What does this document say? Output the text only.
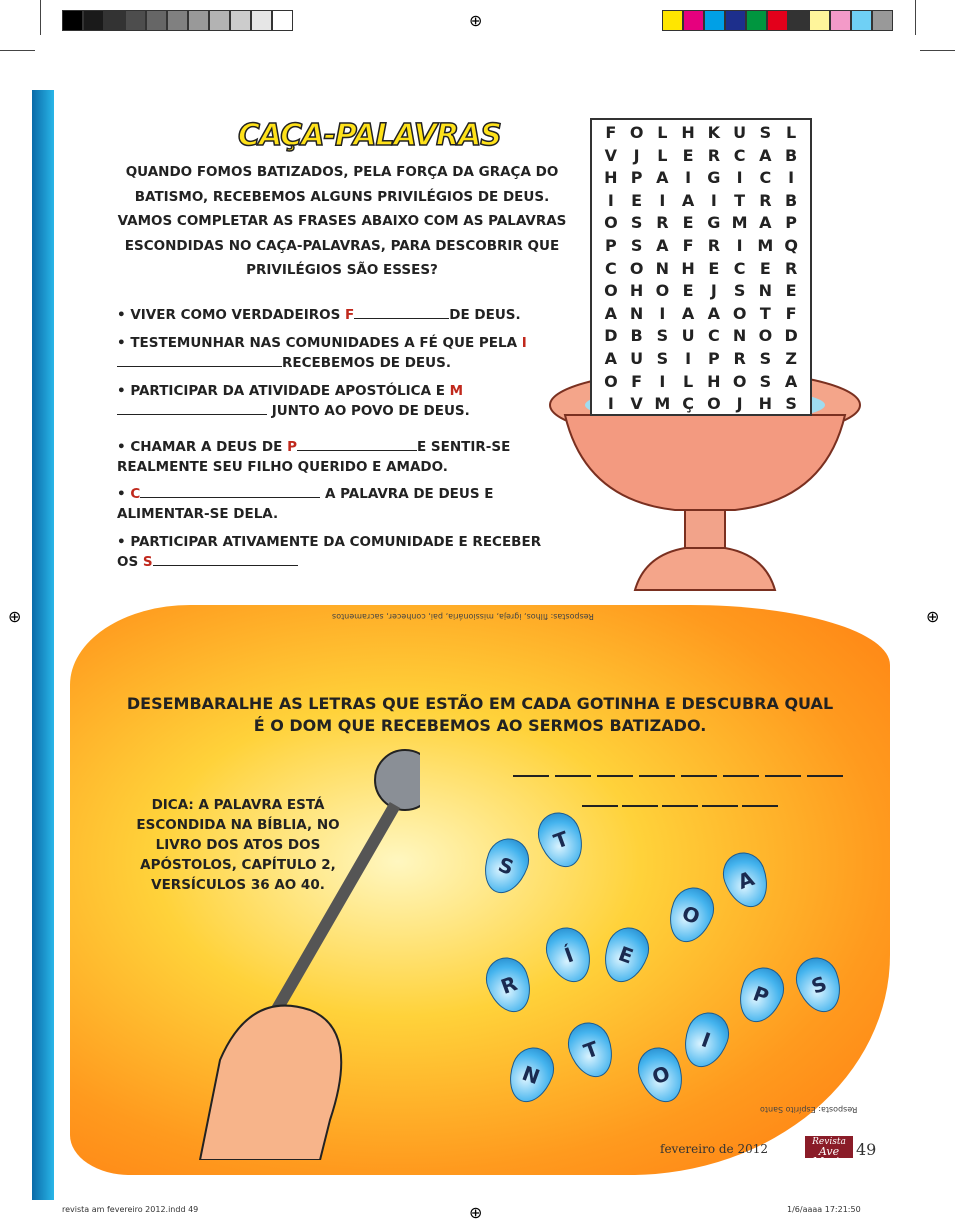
⊕
⊕	⊕
⊕
CAÇA-PALAVRAS
QUANDO FOMOS BATIZADOS, PELA FORÇA DA GRAÇA DO BATISMO, RECEBEMOS ALGUNS PRIVILÉGIOS DE DEUS. VAMOS COMPLETAR AS FRASES ABAIXO COM AS PALAVRAS ESCONDIDAS NO CAÇA-PALAVRAS, PARA DESCOBRIR QUE PRIVILÉGIOS SÃO ESSES?
• VIVER COMO VERDADEIROS F	DE DEUS.
• TESTEMUNHAR NAS COMUNIDADES A FÉ QUE PELA IRECEBEMOS DE DEUS.
• PARTICIPAR DA ATIVIDADE APOSTÓLICA E M JUNTO AO POVO DE DEUS.
• CHAMAR A DEUS DE P	E SENTIR-SE REALMENTE SEU FILHO QUERIDO E AMADO.
• C	A PALAVRA DE DEUS E ALIMENTAR-SE DELA.
• PARTICIPAR ATIVAMENTE DA COMUNIDADE E RECEBER OS S
F O L H K U S L
V	J	L E R C A B
H P A	I	G	I	C	I
I	E	I	A	I	T R B
O S R E G M A P
P S A F R	I M Q
C O N H E C E R
O H O E	J	S N E
A N	I	A A O T F
D B S U C N O D
A U S	I	P R S Z
O F	I	L H O S A
I	V M Ç O J	H S
DESEMBARALHE AS LETRAS QUE ESTÃO EM CADA GOTINHA E DESCUBRA QUAL É O DOM QUE RECEBEMOS AO SERMOS BATIZADO.
DICA: A PALAVRA ESTÁ ESCONDIDA NA BÍBLIA, NO LIVRO DOS ATOS DOS APÓSTOLOS, CAPÍTULO 2, VERSÍCULOS 36 AO 40.
Respostas: filhos, igreja, missionária, pai, conhecer, sacramentos
T
S
A
O
Í E
R	P S
I
T
N	O
Resposta: Espírito Santo
fevereiro de 2012	Revista
Ave Maria
49
revista am fevereiro 2012.indd 49	1/6/aaaa 17:21:50
